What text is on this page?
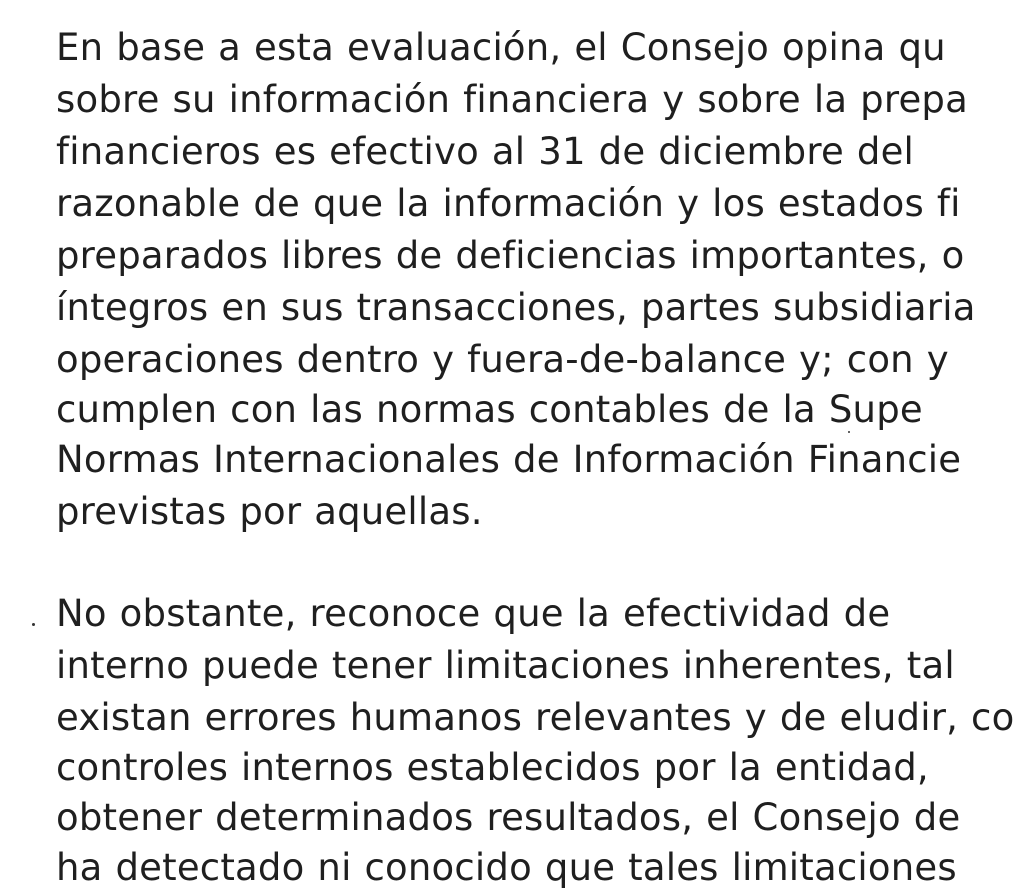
En base a esta evaluación, el Consejo opina qu

sobre su información financiera y sobre la prepa

financieros es efectivo al 31 de diciembre del

razonable de que la información y los estados fi

preparados libres de deficiencias importantes, o

íntegros en sus transacciones, partes subsidiaria

operaciones dentro y fuera-de-balance y; con y

cumplen con las normas contables de la Supe

Normas Internacionales de Información Financie

previstas por aquellas.

No obstante, reconoce que la efectividad de

interno puede tener limitaciones inherentes, tal

existan errores humanos relevantes y de eludir, co

controles internos establecidos por la entidad,

obtener determinados resultados, el Consejo de

ha detectado ni conocido que tales limitaciones
